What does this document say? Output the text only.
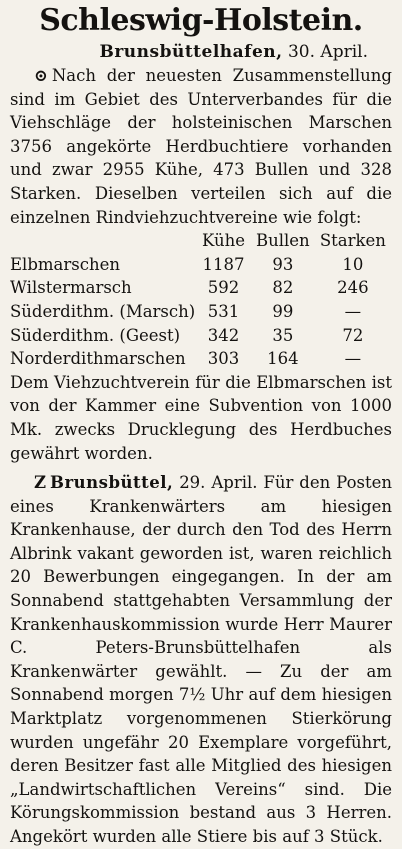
Schleswig-Holstein.
Brunsbüttelhafen, 30. April.

⊙ Nach der neuesten Zusammenstellung sind im Gebiet des Unterverbandes für die Viehschläge der holsteinischen Marschen 3756 angekörte Herdbuchtiere vorhanden und zwar 2955 Kühe, 473 Bullen und 328 Starken. Dieselben verteilen sich auf die einzelnen Rindviehzuchtvereine wie folgt:

	Kühe	Bullen	Starken
Elbmarschen	1187	93	10
Wilstermarsch	592	82	246
Süderdithm. (Marsch)	531	99	—
Süderdithm. (Geest)	342	35	72
Norderdithmarschen	303	164	—

Dem Viehzuchtverein für die Elbmarschen ist von der Kammer eine Subvention von 1000 Mk. zwecks Drucklegung des Herdbuches gewährt worden.

Z Brunsbüttel, 29. April. Für den Posten eines Krankenwärters am hiesigen Krankenhause, der durch den Tod des Herrn Albrink vakant geworden ist, waren reichlich 20 Bewerbungen eingegangen. In der am Sonnabend stattgehabten Versammlung der Krankenhauskommission wurde Herr Maurer C. Peters-Brunsbüttelhafen als Krankenwärter gewählt. — Zu der am Sonnabend morgen 7½ Uhr auf dem hiesigen Marktplatz vorgenommenen Stierkörung wurden ungefähr 20 Exemplare vorgeführt, deren Besitzer fast alle Mitglied des hiesigen „Landwirtschaftlichen Vereins“ sind. Die Körungskommission bestand aus 3 Herren. Angekört wurden alle Stiere bis auf 3 Stück.
